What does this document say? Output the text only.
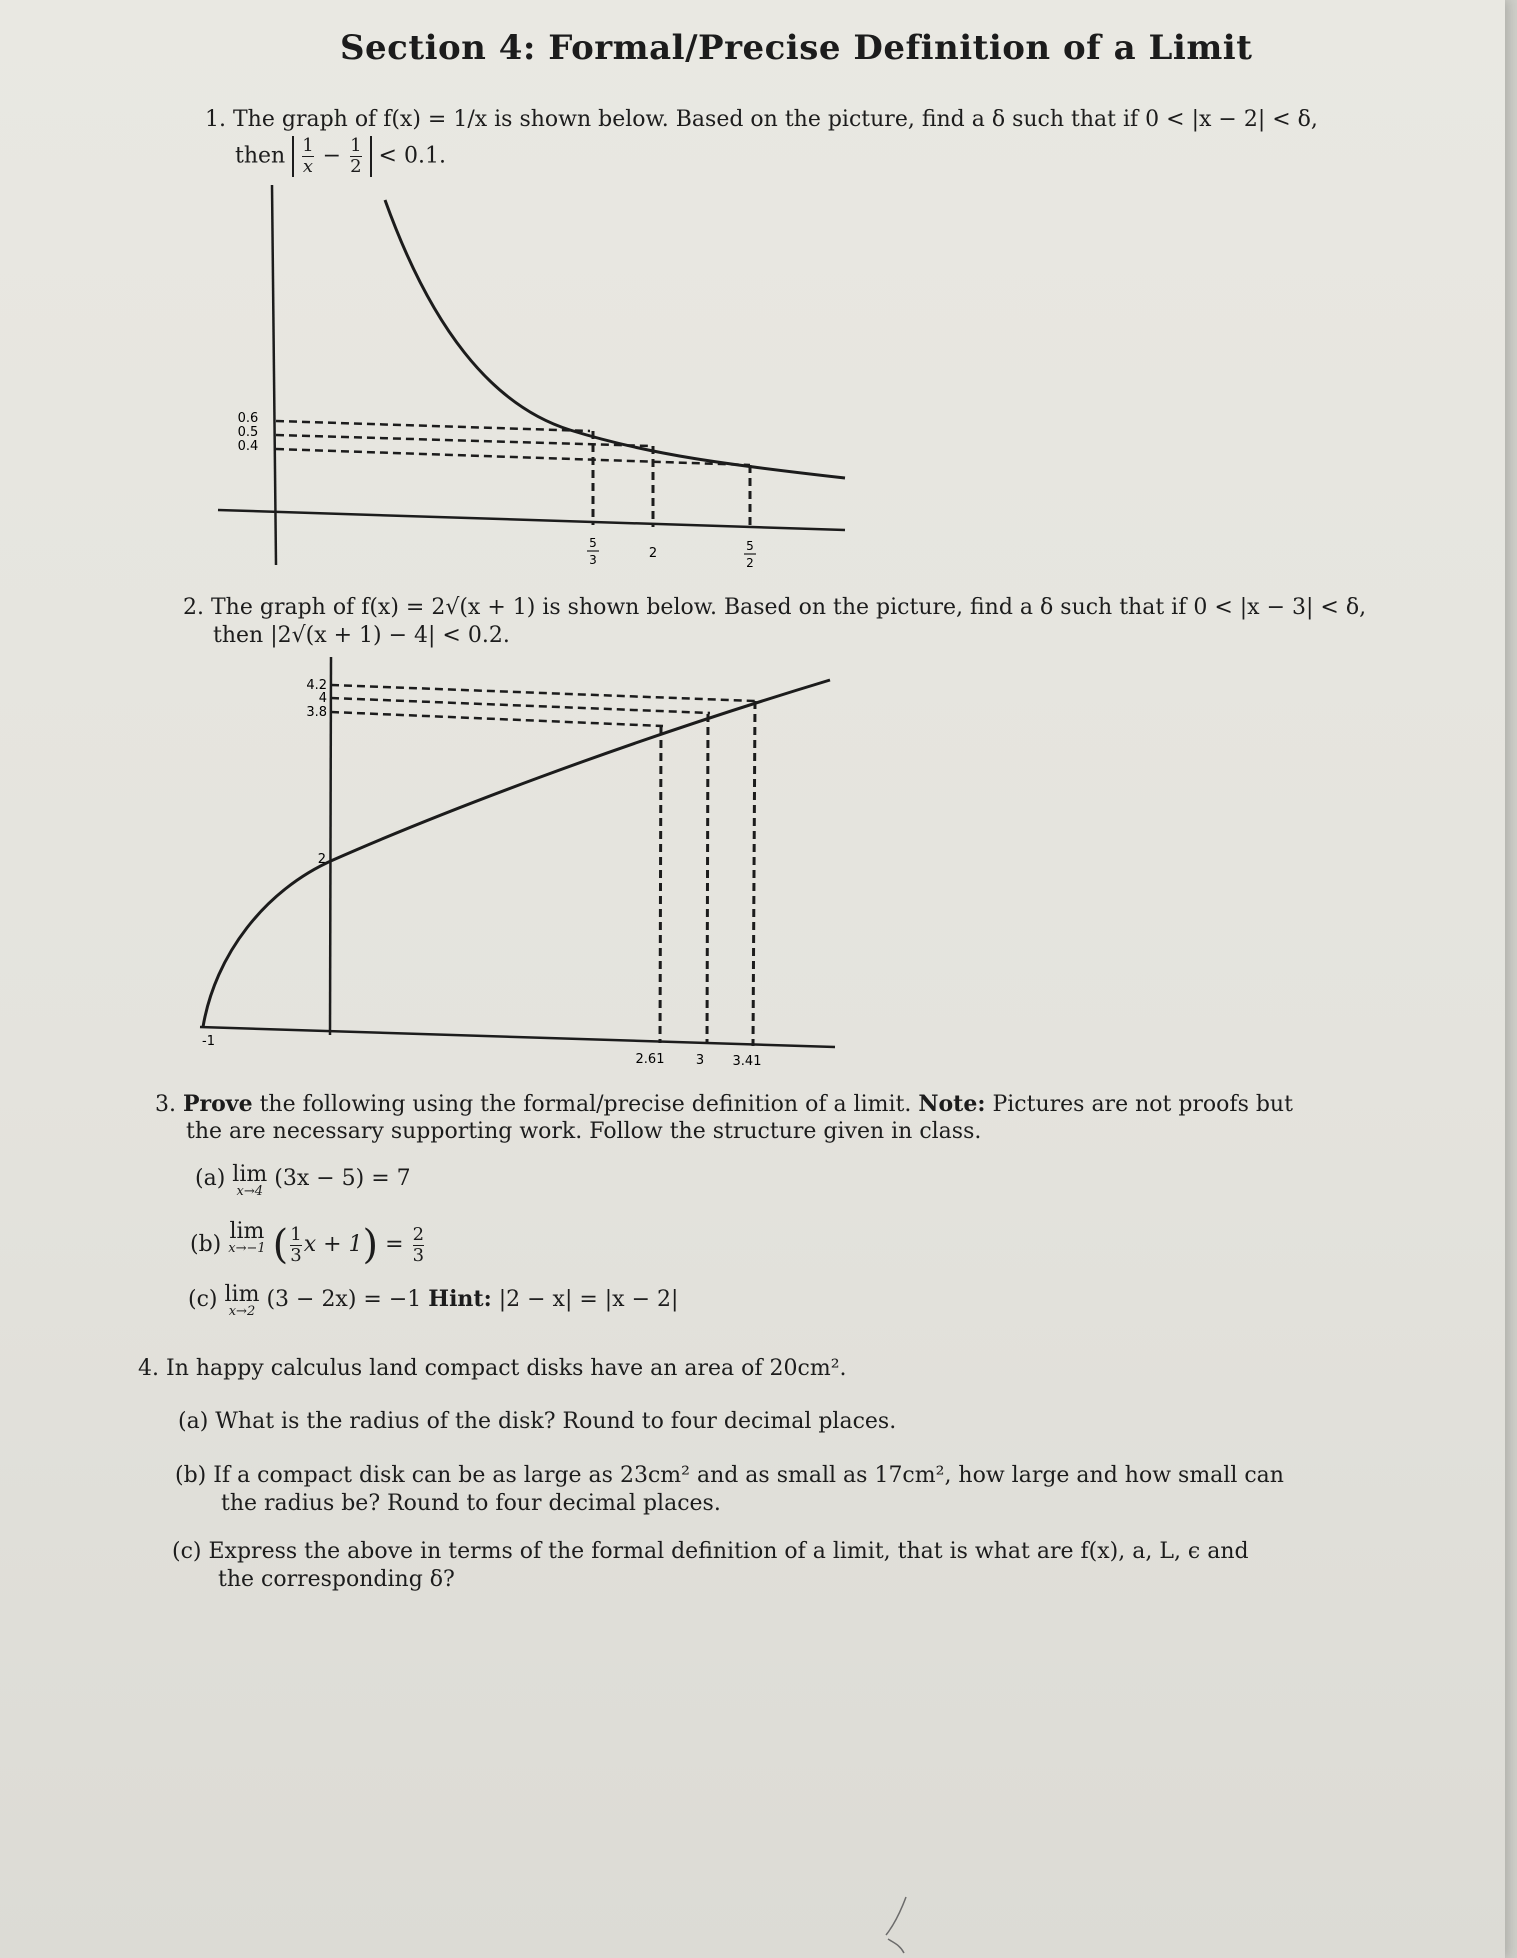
Section 4: Formal/Precise Definition of a Limit
1. The graph of f(x) = 1/x is shown below. Based on the picture, find a δ such that if 0 < |x − 2| < δ,
then $\frac{1}{x} - \frac{1}{2} < 0.1$.
0.6
0.5
0.4
5
3	2	5
2
2. The graph of f(x) = 2√(x + 1) is shown below. Based on the picture, find a δ such that if 0 < |x − 3| < δ,
then |2√(x + 1) − 4| < 0.2.
4.2
4
3.8
2
-1
2.61 3 3.41
3. Prove the following using the formal/precise definition of a limit. Note: Pictures are not proofs but
the are necessary supporting work. Follow the structure given in class.
(a) lim
x→4
(3x − 5) = 7
(b) lim
x→−1 ( $\frac{1}{3}$ $x + 1) = \frac{2}{3}$
(c) lim
x→2 (3 − 2x) = −1 Hint: |2 − x| = |x − 2|
4. In happy calculus land compact disks have an area of 20cm².
(a) What is the radius of the disk? Round to four decimal places.
(b) If a compact disk can be as large as 23cm² and as small as 17cm², how large and how small can
the radius be? Round to four decimal places.
(c) Express the above in terms of the formal definition of a limit, that is what are f(x), a, L, ϵ and
the corresponding δ?
